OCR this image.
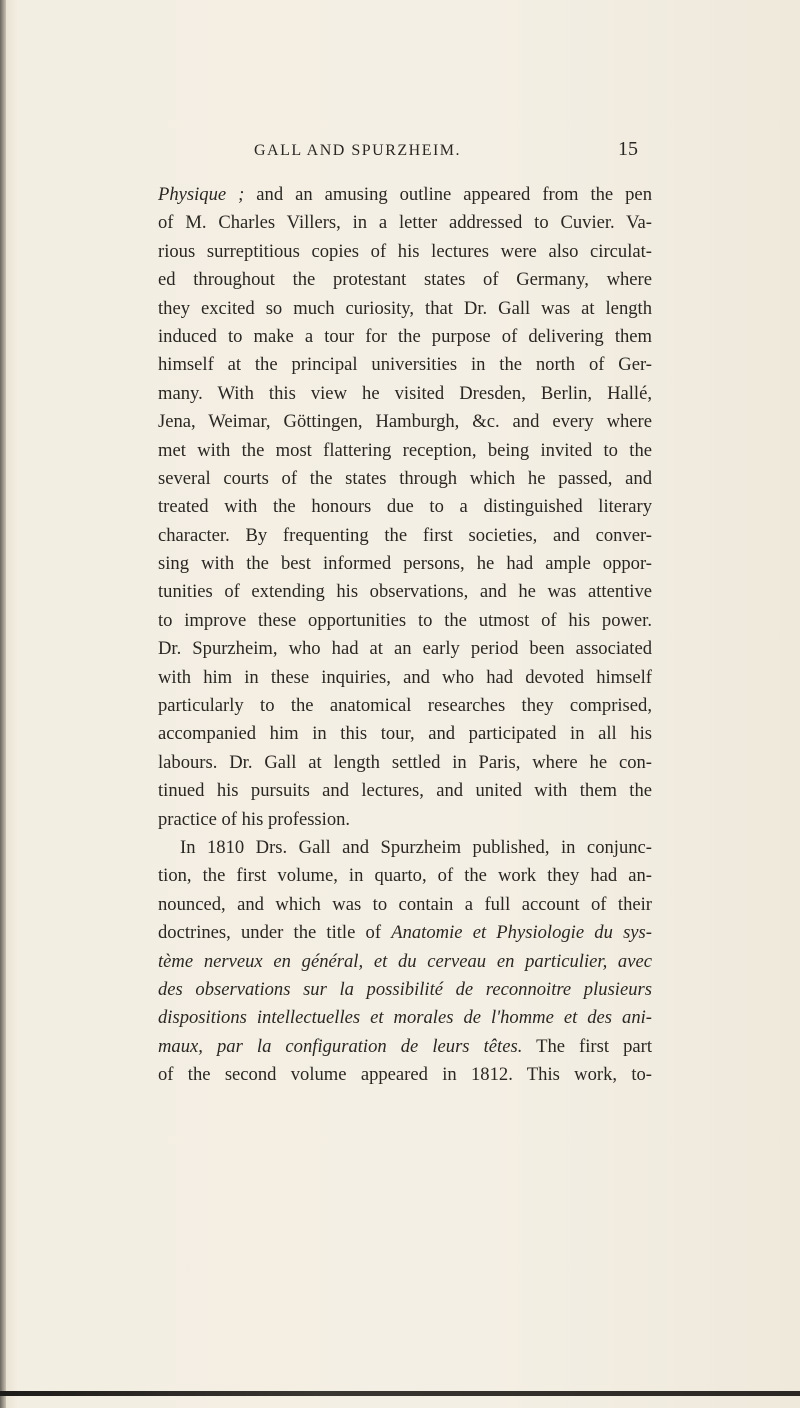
GALL AND SPURZHEIM.	15
Physique ; and an amusing outline appeared from the pen
of M. Charles Villers, in a letter addressed to Cuvier. Va-
rious surreptitious copies of his lectures were also circulat-
ed throughout the protestant states of Germany, where
they excited so much curiosity, that Dr. Gall was at length
induced to make a tour for the purpose of delivering them
himself at the principal universities in the north of Ger-
many. With this view he visited Dresden, Berlin, Hallé,
Jena, Weimar, Göttingen, Hamburgh, &c. and every where
met with the most flattering reception, being invited to the
several courts of the states through which he passed, and
treated with the honours due to a distinguished literary
character. By frequenting the first societies, and conver-
sing with the best informed persons, he had ample oppor-
tunities of extending his observations, and he was attentive
to improve these opportunities to the utmost of his power.
Dr. Spurzheim, who had at an early period been associated
with him in these inquiries, and who had devoted himself
particularly to the anatomical researches they comprised,
accompanied him in this tour, and participated in all his
labours. Dr. Gall at length settled in Paris, where he con-
tinued his pursuits and lectures, and united with them the
practice of his profession.
In 1810 Drs. Gall and Spurzheim published, in conjunc-
tion, the first volume, in quarto, of the work they had an-
nounced, and which was to contain a full account of their
doctrines, under the title of Anatomie et Physiologie du sys-
tème nerveux en général, et du cerveau en particulier, avec
des observations sur la possibilité de reconnoitre plusieurs
dispositions intellectuelles et morales de l'homme et des ani-
maux, par la configuration de leurs têtes. The first part
of the second volume appeared in 1812. This work, to-
